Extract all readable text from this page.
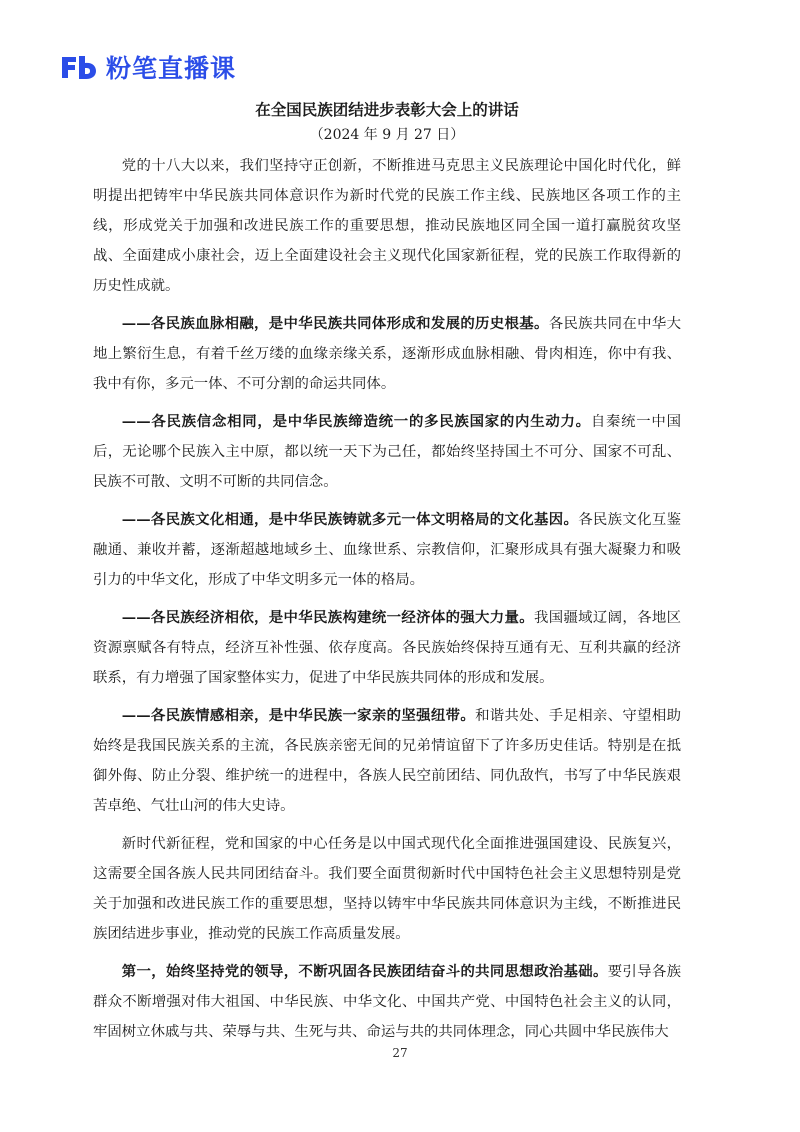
粉笔直播课
在全国民族团结进步表彰大会上的讲话
（2024 年 9 月 27 日）

党的十八大以来，我们坚持守正创新，不断推进马克思主义民族理论中国化时代化，鲜明提出把铸牢中华民族共同体意识作为新时代党的民族工作主线、民族地区各项工作的主线，形成党关于加强和改进民族工作的重要思想，推动民族地区同全国一道打赢脱贫攻坚战、全面建成小康社会，迈上全面建设社会主义现代化国家新征程，党的民族工作取得新的历史性成就。

——各民族血脉相融，是中华民族共同体形成和发展的历史根基。各民族共同在中华大地上繁衍生息，有着千丝万缕的血缘亲缘关系，逐渐形成血脉相融、骨肉相连，你中有我、我中有你，多元一体、不可分割的命运共同体。

——各民族信念相同，是中华民族缔造统一的多民族国家的内生动力。自秦统一中国后，无论哪个民族入主中原，都以统一天下为己任，都始终坚持国土不可分、国家不可乱、民族不可散、文明不可断的共同信念。

——各民族文化相通，是中华民族铸就多元一体文明格局的文化基因。各民族文化互鉴融通、兼收并蓄，逐渐超越地域乡土、血缘世系、宗教信仰，汇聚形成具有强大凝聚力和吸引力的中华文化，形成了中华文明多元一体的格局。

——各民族经济相依，是中华民族构建统一经济体的强大力量。我国疆域辽阔，各地区资源禀赋各有特点，经济互补性强、依存度高。各民族始终保持互通有无、互利共赢的经济联系，有力增强了国家整体实力，促进了中华民族共同体的形成和发展。

——各民族情感相亲，是中华民族一家亲的坚强纽带。和谐共处、手足相亲、守望相助始终是我国民族关系的主流，各民族亲密无间的兄弟情谊留下了许多历史佳话。特别是在抵御外侮、防止分裂、维护统一的进程中，各族人民空前团结、同仇敌忾，书写了中华民族艰苦卓绝、气壮山河的伟大史诗。

新时代新征程，党和国家的中心任务是以中国式现代化全面推进强国建设、民族复兴，这需要全国各族人民共同团结奋斗。我们要全面贯彻新时代中国特色社会主义思想特别是党关于加强和改进民族工作的重要思想，坚持以铸牢中华民族共同体意识为主线，不断推进民族团结进步事业，推动党的民族工作高质量发展。

第一，始终坚持党的领导，不断巩固各民族团结奋斗的共同思想政治基础。要引导各族群众不断增强对伟大祖国、中华民族、中华文化、中国共产党、中国特色社会主义的认同，牢固树立休戚与共、荣辱与共、生死与共、命运与共的共同体理念，同心共圆中华民族伟大

27
